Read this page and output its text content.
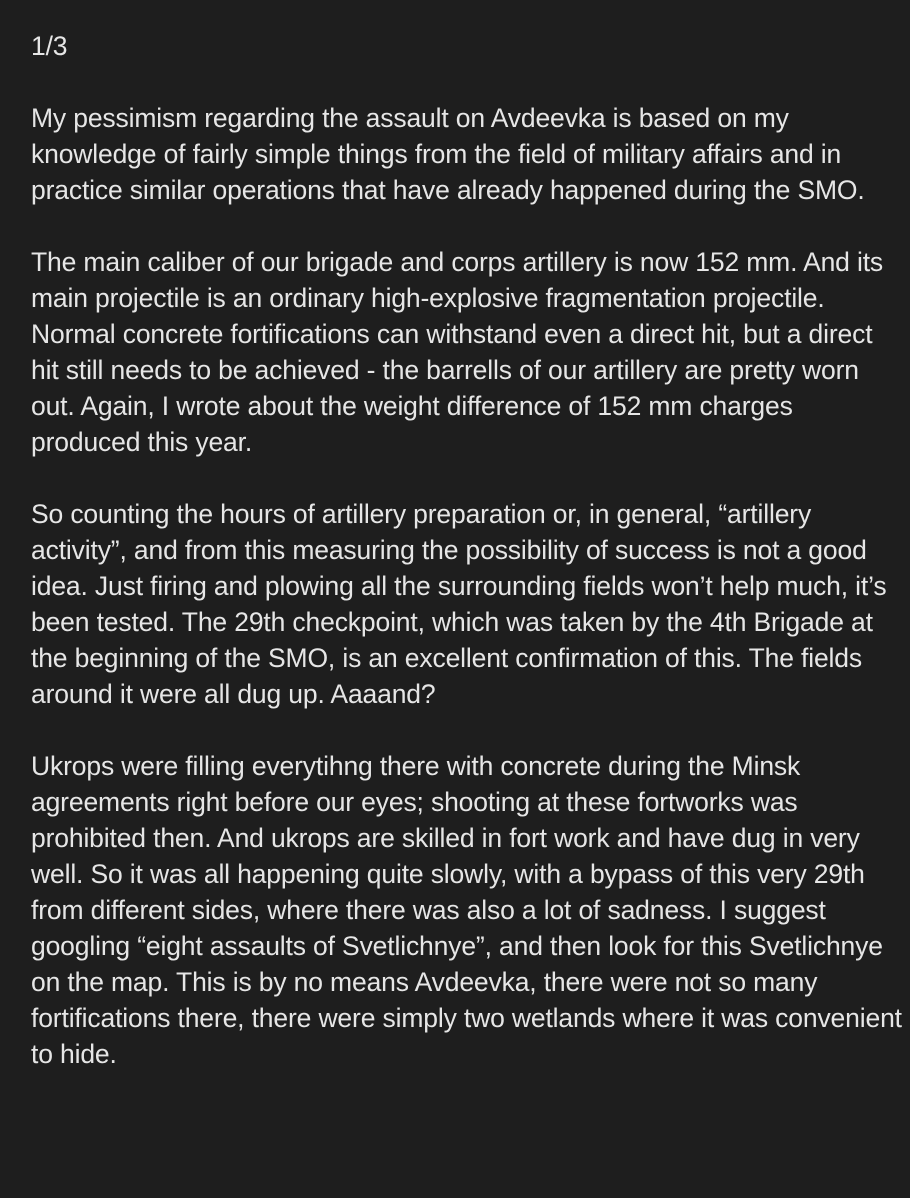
1/3

My pessimism regarding the assault on Avdeevka is based on my knowledge of fairly simple things from the field of military affairs and in practice similar operations that have already happened during the SMO.

The main caliber of our brigade and corps artillery is now 152 mm. And its main projectile is an ordinary high-explosive fragmentation projectile. Normal concrete fortifications can withstand even a direct hit, but a direct hit still needs to be achieved - the barrells of our artillery are pretty worn out. Again, I wrote about the weight difference of 152 mm charges produced this year.

So counting the hours of artillery preparation or, in general, “artillery activity”, and from this measuring the possibility of success is not a good idea. Just firing and plowing all the surrounding fields won’t help much, it’s been tested. The 29th checkpoint, which was taken by the 4th Brigade at the beginning of the SMO, is an excellent confirmation of this. The fields around it were all dug up. Aaaand?

Ukrops were filling everytihng there with concrete during the Minsk agreements right before our eyes; shooting at these fortworks was prohibited then. And ukrops are skilled in fort work and have dug in very well. So it was all happening quite slowly, with a bypass of this very 29th from different sides, where there was also a lot of sadness. I suggest googling “eight assaults of Svetlichnye”, and then look for this Svetlichnye on the map. This is by no means Avdeevka, there were not so many fortifications there, there were simply two wetlands where it was convenient to hide.
